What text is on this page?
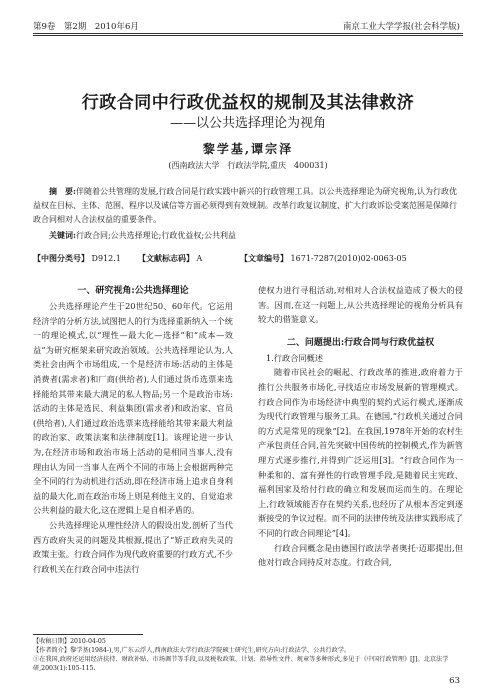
第9卷　第2期　2010年6月	南京工业大学学报(社会科学版)
行政合同中行政优益权的规制及其法律救济
——以公共选择理论为视角
黎学基,谭宗泽
(西南政法大学　行政法学院,重庆　400031)
摘　要:伴随着公共管理的发展,行政合同是行政实践中新兴的行政管理工具。以公共选择理论为研究视角,认为行政优益权在目标、主体、范围、程序以及诚信等方面必须得到有效规制。改革行政复议制度、扩大行政诉讼受案范围是保障行政合同相对人合法权益的重要条件。
关键词:行政合同;公共选择理论;行政优益权;公共利益
【中图分类号】 D912.1 【文献标志码】 A	【文章编号】 1671-7287(2010)02-0063-05

一、研究视角:公共选择理论

公共选择理论产生于20世纪50、60年代。它运用经济学的分析方法,试图把人的行为选择重新纳入一个统一的理论模式,以“理性—最大化—选择”和“成本—效益”为研究框架来研究政治领域。公共选择理论认为,人类社会由两个市场组成,一个是经济市场:活动的主体是消费者(需求者)和厂商(供给者),人们通过货币选票来选择能给其带来最大满足的私人物品;另一个是政治市场:活动的主体是选民、利益集团(需求者)和政治家、官员(供给者),人们通过政治选票来选择能给其带来最大利益的政治家、政策法案和法律制度[1]。该理论进一步认为,在经济市场和政治市场上活动的是相同当事人,没有理由认为同一当事人在两个不同的市场上会根据两种完全不同的行为动机进行活动,即在经济市场上追求自身利益的最大化,而在政治市场上则是利他主义的、自觉追求公共利益的最大化,这在逻辑上是自相矛盾的。

公共选择理论从理性经济人的假设出发,剖析了当代西方政府失灵的问题及其根源,提出了“矫正政府失灵的政策主张。行政合同作为现代政府重要的行政方式,不少行政机关在行政合同中违法行

使权力进行寻租活动,对相对人合法权益造成了极大的侵害。因而,在这一问题上,从公共选择理论的视角分析具有较大的借鉴意义。

二、问题提出:行政合同与行政优益权

1.行政合同概述

随着市民社会的崛起、行政改革的推进,政府着力于推行公共服务市场化,寻找适应市场发展新的管理模式。行政合同作为市场经济中典型的契约式运行模式,逐渐成为现代行政管理与服务工具。在德国,“行政机关通过合同的方式是常见的现象”[2]。在我国,1978年开始的农村生产承包责任合同,首先突破中国传统的控制模式,作为新管理方式逐步推行,并得到广泛运用[3]。“行政合同作为一种柔和的、富有弹性的行政管理手段,是随着民主宪政、福利国家及给付行政的确立和发展而运而生的。在理论上,行政领域能否存在契约关系,也经历了从根本否定到逐渐接受的争议过程。而不同的法律传统及法律实践形成了不同的行政合同理论”[4]。

行政合同概念是由德国行政法学者奥托·迈耶提出,但他对行政合同持反对态度。行政合同,

【收稿日期】2010-04-05
【作者简介】黎学基(1984-),男,广东云浮人,西南政法大学行政法学院硕士研究生,研究方向:行政法学、公共行政学。
①在我国,政府还运用经济扶持、财政补贴、市场调节等手段,以及税收政策、计划、指导性文件、规章等多种形式,多见于《中国行政管理》[J]。北京法学
研,2003(1):105-115.
63
